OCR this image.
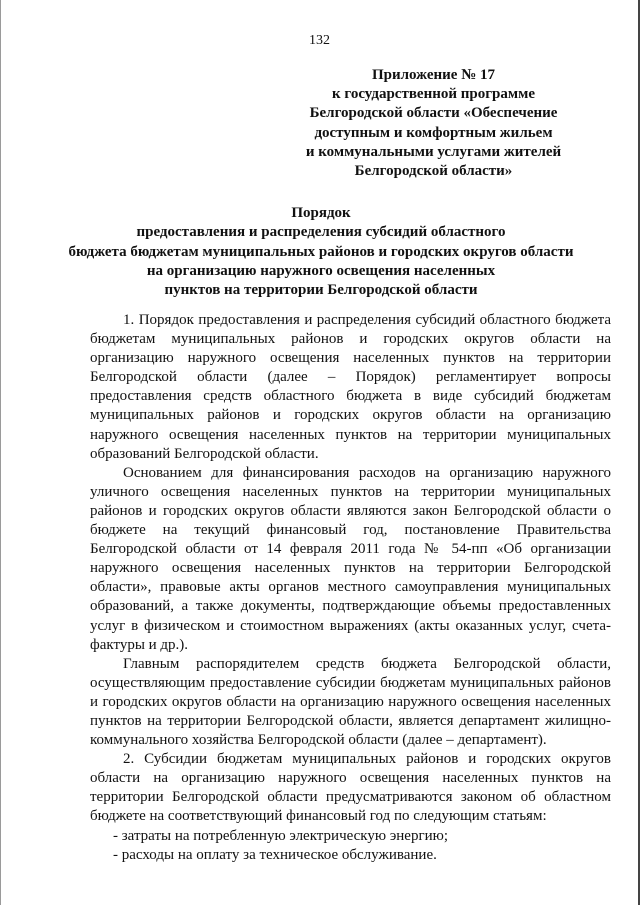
132
Приложение № 17
к государственной программе
Белгородской области «Обеспечение
доступным и комфортным жильем
и коммунальными услугами жителей
Белгородской области»
Порядок
предоставления и распределения субсидий областного
бюджета бюджетам муниципальных районов и городских округов области
на организацию наружного освещения населенных
пунктов на территории Белгородской области

1. Порядок предоставления и распределения субсидий областного бюджета бюджетам муниципальных районов и городских округов области на организацию наружного освещения населенных пунктов на территории Белгородской области (далее – Порядок) регламентирует вопросы предоставления средств областного бюджета в виде субсидий бюджетам муниципальных районов и городских округов области на организацию наружного освещения населенных пунктов на территории муниципальных образований Белгородской области.

Основанием для финансирования расходов на организацию наружного уличного освещения населенных пунктов на территории муниципальных районов и городских округов области являются закон Белгородской области о бюджете на текущий финансовый год, постановление Правительства Белгородской области от 14 февраля 2011 года № 54-пп «Об организации наружного освещения населенных пунктов на территории Белгородской области», правовые акты органов местного самоуправления муниципальных образований, а также документы, подтверждающие объемы предоставленных услуг в физическом и стоимостном выражениях (акты оказанных услуг, счета-фактуры и др.).

Главным распорядителем средств бюджета Белгородской области, осуществляющим предоставление субсидии бюджетам муниципальных районов и городских округов области на организацию наружного освещения населенных пунктов на территории Белгородской области, является департамент жилищно-коммунального хозяйства Белгородской области (далее – департамент).

2. Субсидии бюджетам муниципальных районов и городских округов области на организацию наружного освещения населенных пунктов на территории Белгородской области предусматриваются законом об областном бюджете на соответствующий финансовый год по следующим статьям:

- затраты на потребленную электрическую энергию;

- расходы на оплату за техническое обслуживание.
